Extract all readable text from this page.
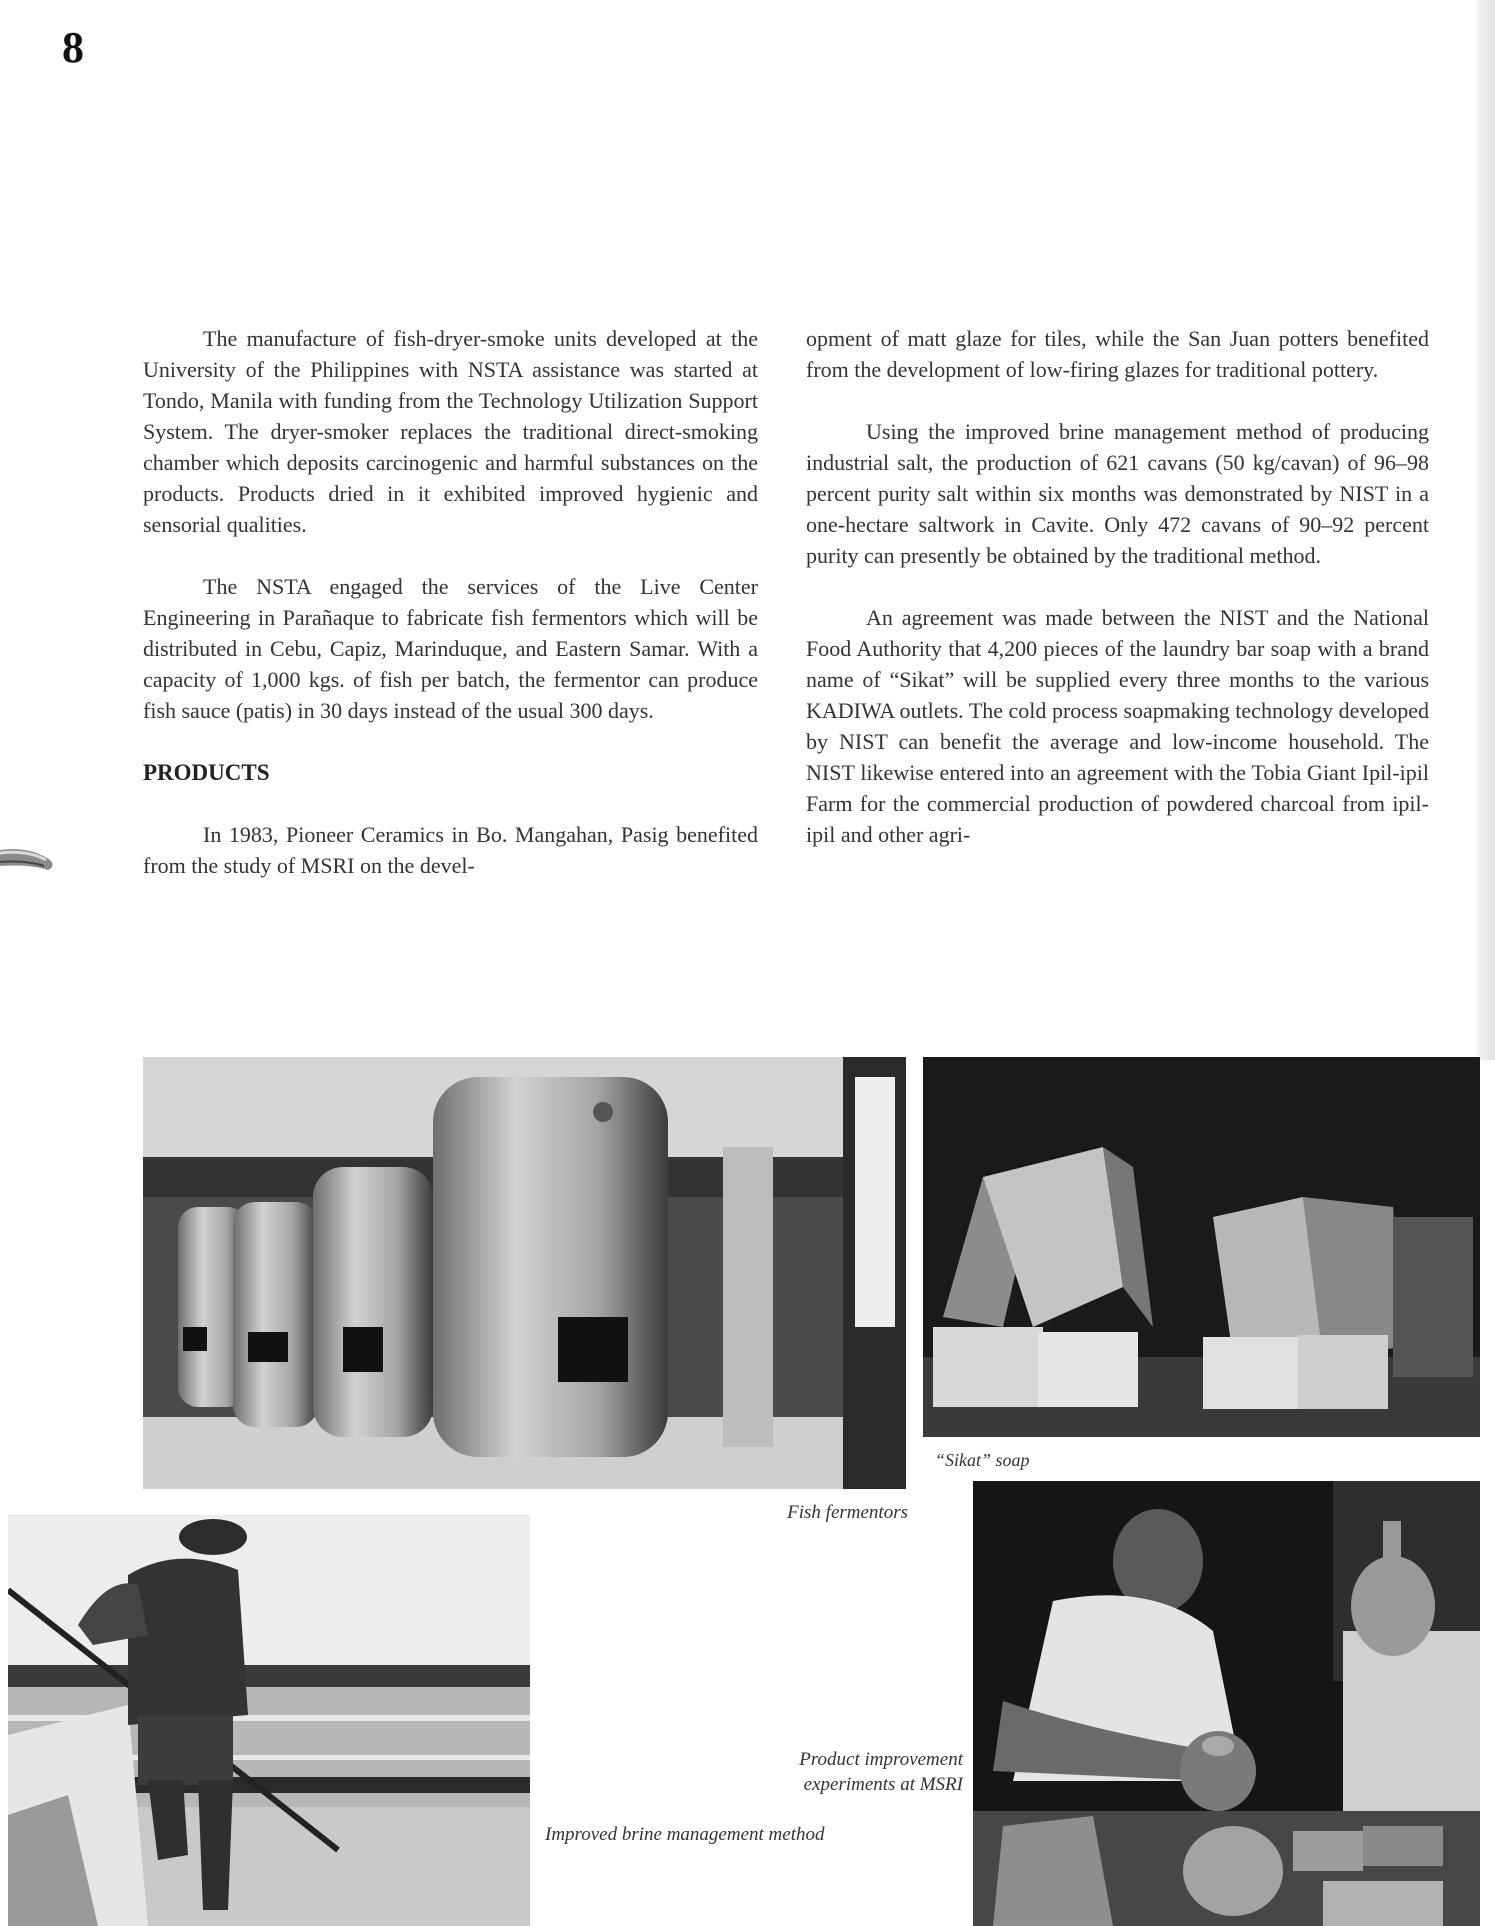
8

The manufacture of fish-dryer-smoke units developed at the University of the Philippines with NSTA assistance was started at Tondo, Manila with funding from the Technology Utilization Support System. The dryer-smoker replaces the traditional direct-smoking chamber which deposits carcinogenic and harmful substances on the products. Products dried in it exhibited improved hygienic and sensorial qualities.

The NSTA engaged the services of the Live Center Engineering in Parañaque to fabricate fish fermentors which will be distributed in Cebu, Capiz, Marinduque, and Eastern Samar. With a capacity of 1,000 kgs. of fish per batch, the fermentor can produce fish sauce (patis) in 30 days instead of the usual 300 days.

PRODUCTS

In 1983, Pioneer Ceramics in Bo. Mangahan, Pasig benefited from the study of MSRI on the devel-

opment of matt glaze for tiles, while the San Juan potters benefited from the development of low-firing glazes for traditional pottery.

Using the improved brine management method of producing industrial salt, the production of 621 cavans (50 kg/cavan) of 96–98 percent purity salt within six months was demonstrated by NIST in a one-hectare saltwork in Cavite. Only 472 cavans of 90–92 percent purity can presently be obtained by the traditional method.

An agreement was made between the NIST and the National Food Authority that 4,200 pieces of the laundry bar soap with a brand name of “Sikat” will be supplied every three months to the various KADIWA outlets. The cold process soapmaking technology developed by NIST can benefit the average and low-income household. The NIST likewise entered into an agreement with the Tobia Giant Ipil-ipil Farm for the commercial production of powdered charcoal from ipil-ipil and other agri-

Fish fermentors
“Sikat” soap
Product improvement experiments at MSRI
Improved brine management method
